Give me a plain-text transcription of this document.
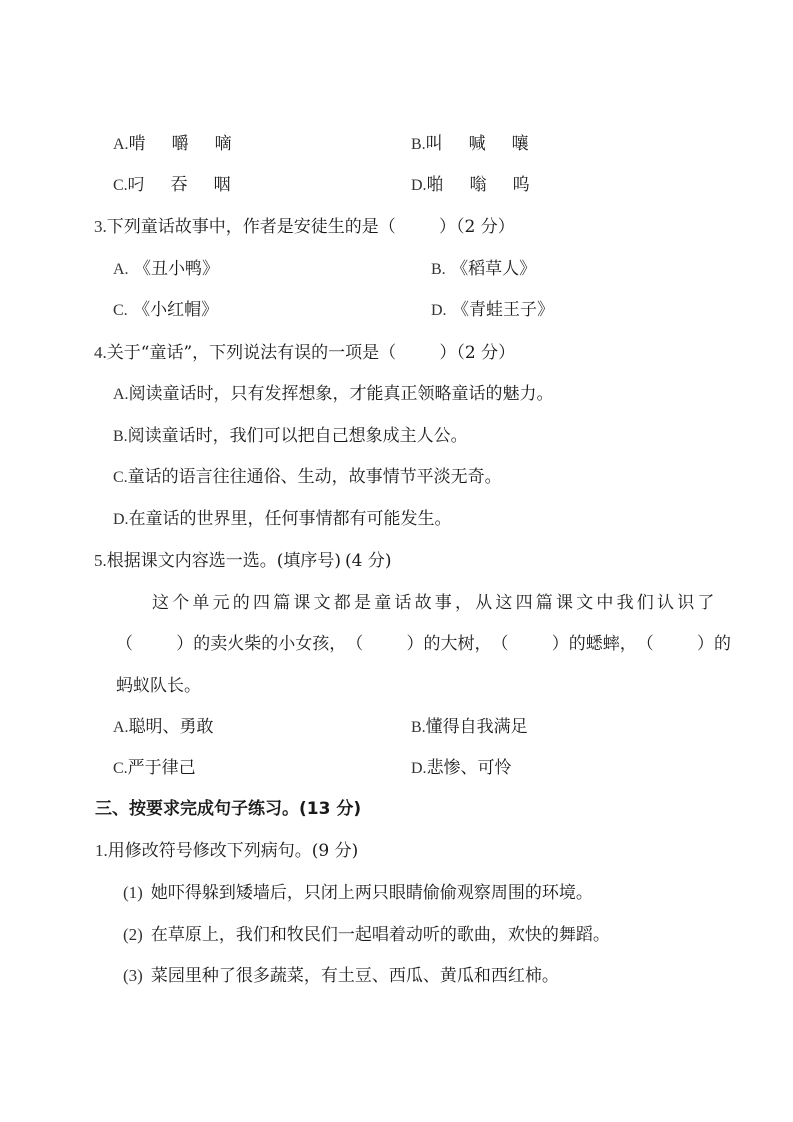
A.啃 嚼 嘀	B.叫 喊 嚷
C.叼 吞 咽	D.啪 嗡 呜
3.下列童话故事中，作者是安徒生的是（        ）（2 分）
A. 《丑小鸭》	B. 《稻草人》
C. 《小红帽》	D. 《青蛙王子》
4.关于“童话”，下列说法有误的一项是（        ）（2 分）
A.阅读童话时，只有发挥想象，才能真正领略童话的魅力。
B.阅读童话时，我们可以把自己想象成主人公。
C.童话的语言往往通俗、生动，故事情节平淡无奇。
D.在童话的世界里，任何事情都有可能发生。
5.根据课文内容选一选。(填序号) (4 分)
这个单元的四篇课文都是童话故事，从这四篇课文中我们认识了
（        ） 的卖火柴的小女孩， （        ） 的大树， （        ） 的蟋蟀， （        ） 的
蚂蚁队长。
A.聪明、勇敢	B.懂得自我满足
C.严于律己	D.悲惨、可怜
三、按要求完成句子练习。(13 分)
1.用修改符号修改下列病句。(9 分)
(1) 她吓得躲到矮墙后，只闭上两只眼睛偷偷观察周围的环境。
(2) 在草原上，我们和牧民们一起唱着动听的歌曲，欢快的舞蹈。
(3) 菜园里种了很多蔬菜，有土豆、西瓜、黄瓜和西红柿。
